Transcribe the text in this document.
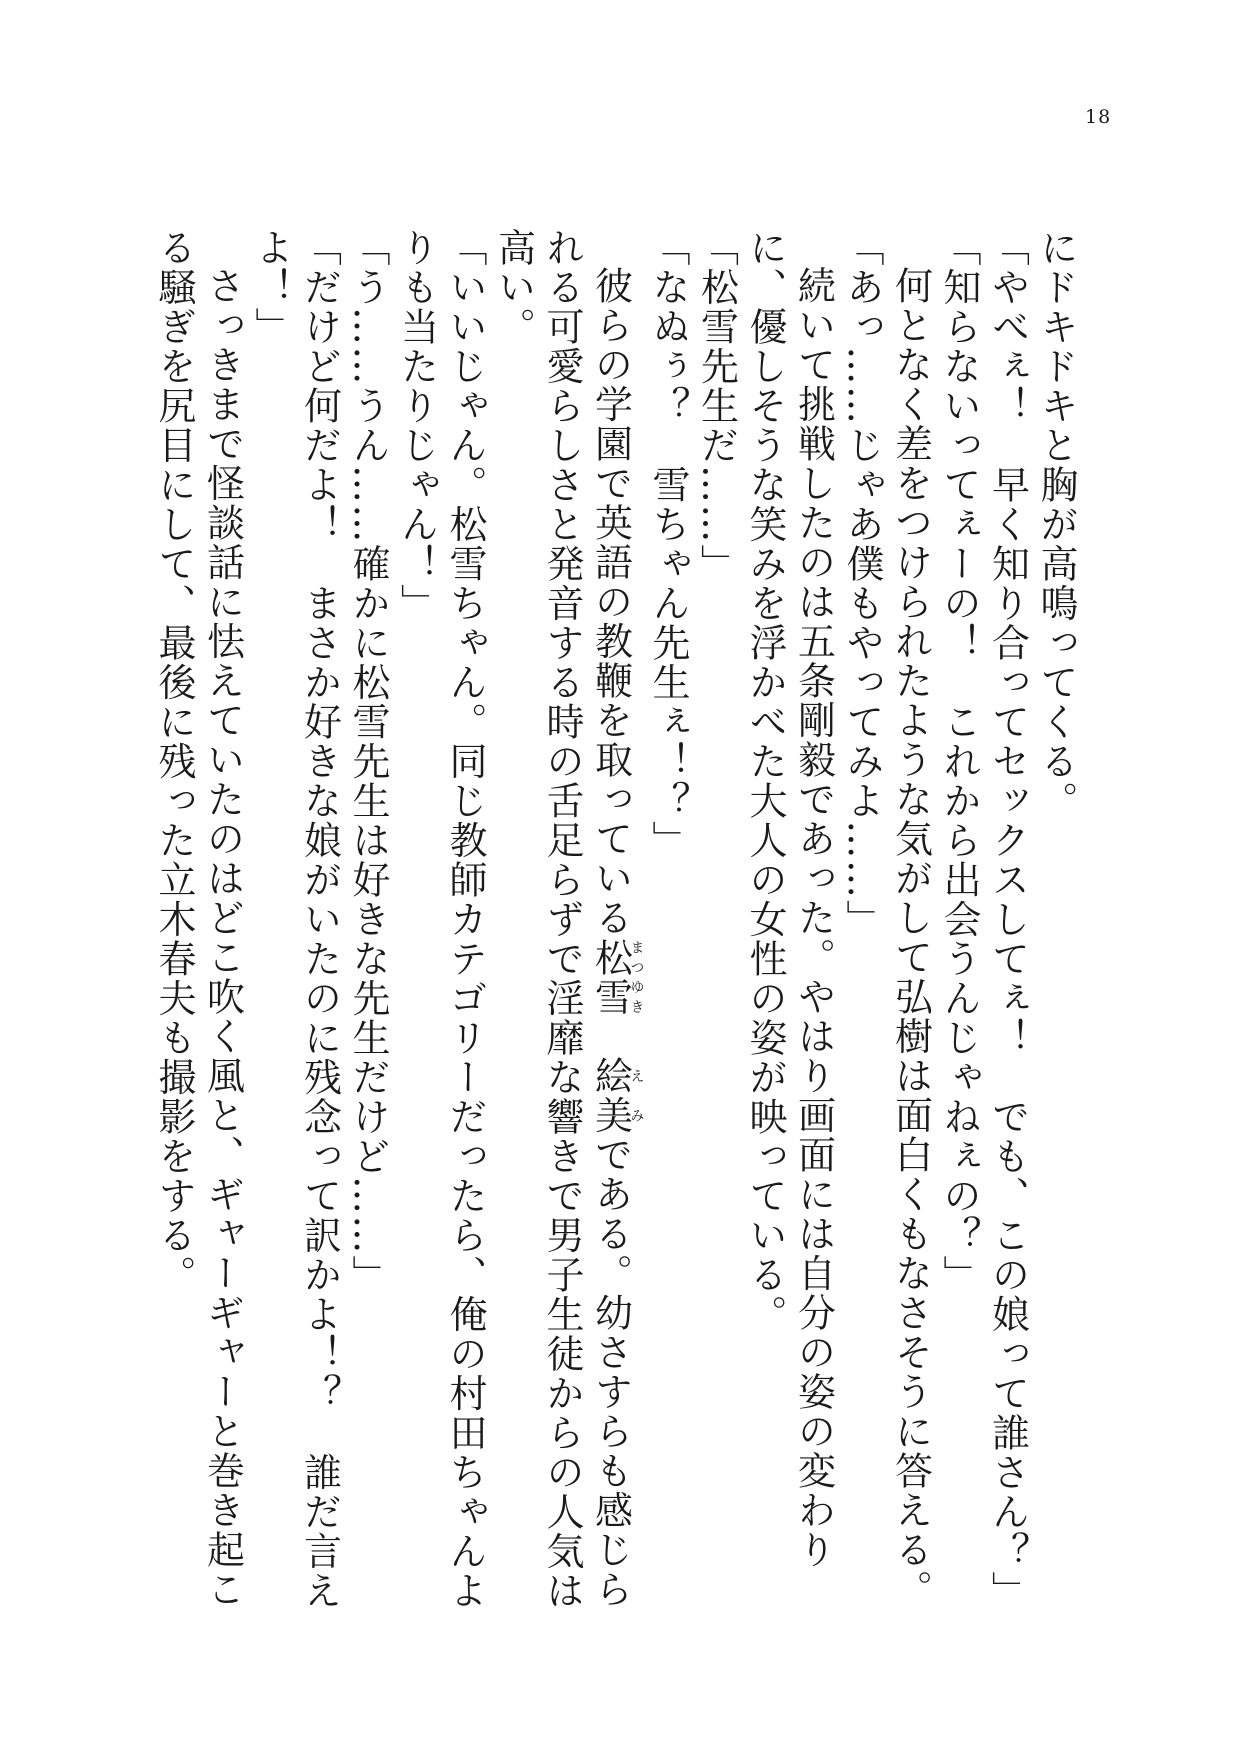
18

にドキドキと胸が高鳴ってくる。

「やべぇ！　早く知り合ってセックスしてぇ！　でも、この娘って誰さん？」

「知らないってぇーの！　これから出会うんじゃねぇの？」

何となく差をつけられたような気がして弘樹は面白くもなさそうに答える。

「あっ……じゃあ僕もやってみよ……」

続いて挑戦したのは五条剛毅であった。やはり画面には自分の姿の変わりに、優しそうな笑みを浮かべた大人の女性の姿が映っている。

「松雪先生だ……」

「なぬぅ？　雪ちゃん先生ぇ！？」

彼らの学園で英語の教鞭を取っている松雪まつゆき　絵美えみである。幼さすらも感じられる可愛らしさと発音する時の舌足らずで淫靡な響きで男子生徒からの人気は高い。

「いいじゃん。松雪ちゃん。同じ教師カテゴリーだったら、俺の村田ちゃんよりも当たりじゃん！」

「う……うん……確かに松雪先生は好きな先生だけど……」

「だけど何だよ！　まさか好きな娘がいたのに残念って訳かよ！？　誰だ言えよ！」

さっきまで怪談話に怯えていたのはどこ吹く風と、ギャーギャーと巻き起こる騒ぎを尻目にして、最後に残った立木春夫も撮影をする。
